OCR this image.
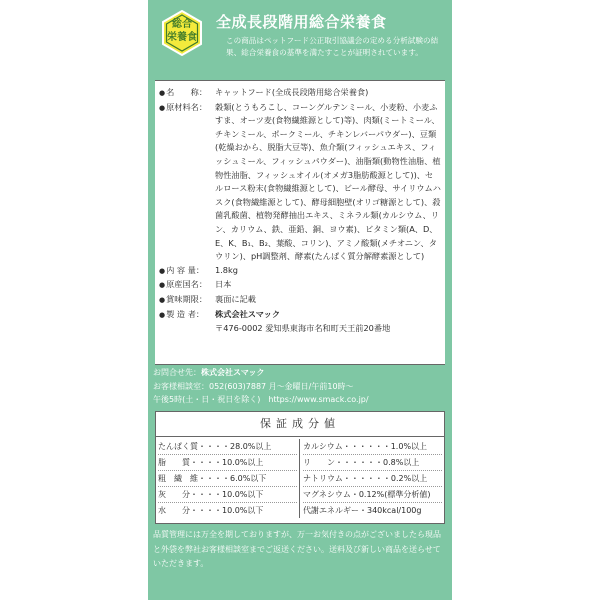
総合
栄養食
全成長段階用総合栄養食
この商品はペットフード公正取引協議会の定める分析試験の結果、総合栄養食の基準を満たすことが証明されています。
●名　　称： キャットフード(全成長段階用総合栄養食)
●原材料名： 穀類(とうもろこし、コーングルテンミール、小麦粉、小麦ふすま、オーツ麦(食物繊維源として)等)、肉類(ミートミール、チキンミール、ポークミール、チキンレバーパウダー)、豆類(乾燥おから、脱脂大豆等)、魚介類(フィッシュエキス、フィッシュミール、フィッシュパウダー)、油脂類(動物性油脂、植物性油脂、フィッシュオイル(オメガ3脂肪酸源として))、セルロース粉末(食物繊維源として)、ビール酵母、サイリウムハスク(食物繊維源として)、酵母細胞壁(オリゴ糖源として)、殺菌乳酸菌、植物発酵抽出エキス、ミネラル類(カルシウム、リン、カリウム、鉄、亜鉛、銅、ヨウ素)、ビタミン類(A、D、E、K、B₁、B₂、葉酸、コリン)、アミノ酸類(メチオニン、タウリン)、pH調整剤、酵素(たんぱく質分解酵素源として)
●内 容 量：	1.8kg
●原産国名： 日本
●賞味期限： 裏面に記載
●製 造 者：	株式会社スマック
〒476-0002 愛知県東海市名和町天王前20番地
お問合せ先：株式会社スマック
お客様相談室：052(603)7887 月〜金曜日/午前10時〜
午後5時(土・日・祝日を除く)　https://www.smack.co.jp/
保証成分値
たんぱく質・・・・28.0%以上
脂　　質・・・・10.0%以上
粗　繊　維・・・・6.0%以下
灰　　分・・・・10.0%以下
水　　分・・・・10.0%以下
カルシウム・・・・・・1.0%以上
リ　　ン・・・・・・0.8%以上
ナトリウム・・・・・・0.2%以上
マグネシウム・0.12%(標準分析値)
代謝エネルギー・340kcal/100g
品質管理には万全を期しておりますが、万一お気付きの点がございましたら現品と外袋を弊社お客様相談室までご返送ください。送料及び新しい商品を送らせていただきます。
